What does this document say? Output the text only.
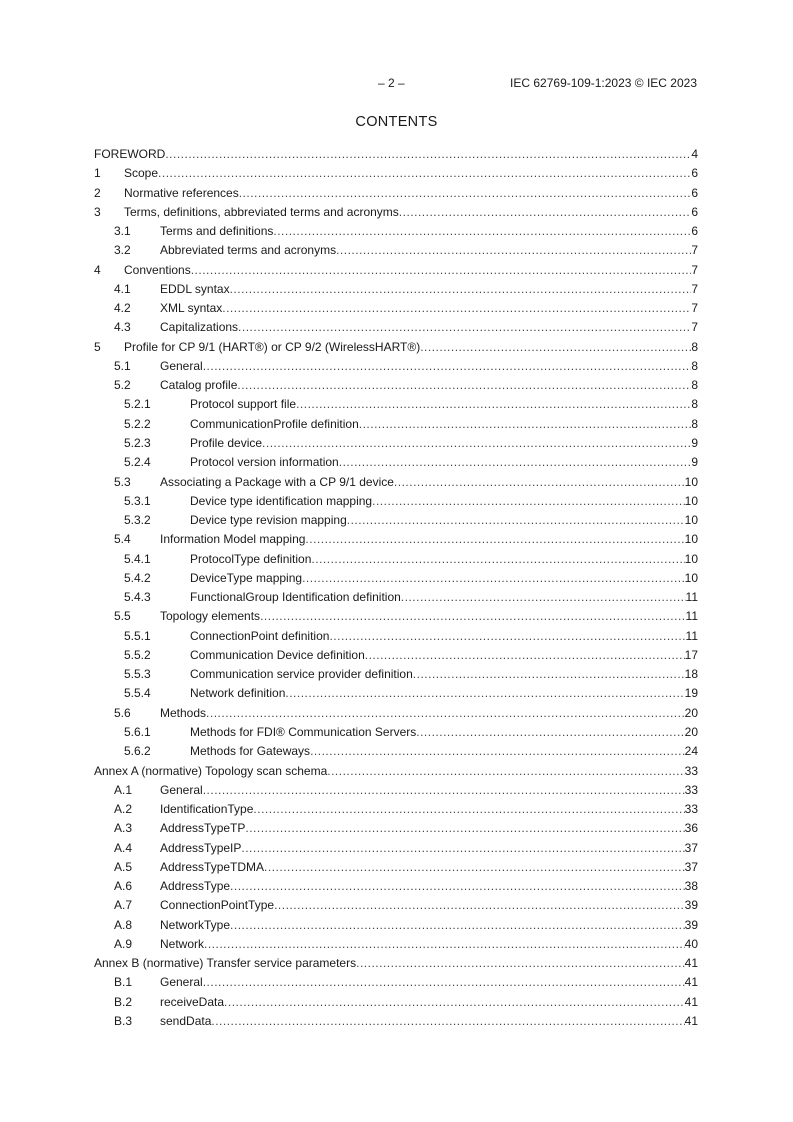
– 2 –	IEC 62769-109-1:2023 © IEC 2023
CONTENTS
FOREWORD .....	4
1	Scope .....	6
2	Normative references .....	6
3	Terms, definitions, abbreviated terms and acronyms .....	6
3.1	Terms and definitions .....	6
3.2	Abbreviated terms and acronyms .....	7
4	Conventions .....	7
4.1	EDDL syntax .....	7
4.2	XML syntax .....	7
4.3	Capitalizations .....	7
5	Profile for CP 9/1 (HART®) or CP 9/2 (WirelessHART®) .....	8
5.1	General .....	8
5.2	Catalog profile .....	8
5.2.1	Protocol support file .....	8
5.2.2	CommunicationProfile definition .....	8
5.2.3	Profile device .....	9
5.2.4	Protocol version information .....	9
5.3	Associating a Package with a CP 9/1 device .....	10
5.3.1	Device type identification mapping .....	10
5.3.2	Device type revision mapping .....	10
5.4	Information Model mapping .....	10
5.4.1	ProtocolType definition .....	10
5.4.2	DeviceType mapping .....	10
5.4.3	FunctionalGroup Identification definition .....	11
5.5	Topology elements .....	11
5.5.1	ConnectionPoint definition .....	11
5.5.2	Communication Device definition .....	17
5.5.3	Communication service provider definition .....	18
5.5.4	Network definition .....	19
5.6	Methods .....	20
5.6.1	Methods for FDI® Communication Servers .....	20
5.6.2	Methods for Gateways .....	24
Annex A (normative) Topology scan schema .....	33
A.1	General .....	33
A.2	IdentificationType .....	33
A.3	AddressTypeTP .....	36
A.4	AddressTypeIP .....	37
A.5	AddressTypeTDMA .....	37
A.6	AddressType .....	38
A.7	ConnectionPointType .....	39
A.8	NetworkType .....	39
A.9	Network .....	40
Annex B (normative) Transfer service parameters .....	41
B.1	General .....	41
B.2	receiveData .....	41
B.3	sendData .....	41
